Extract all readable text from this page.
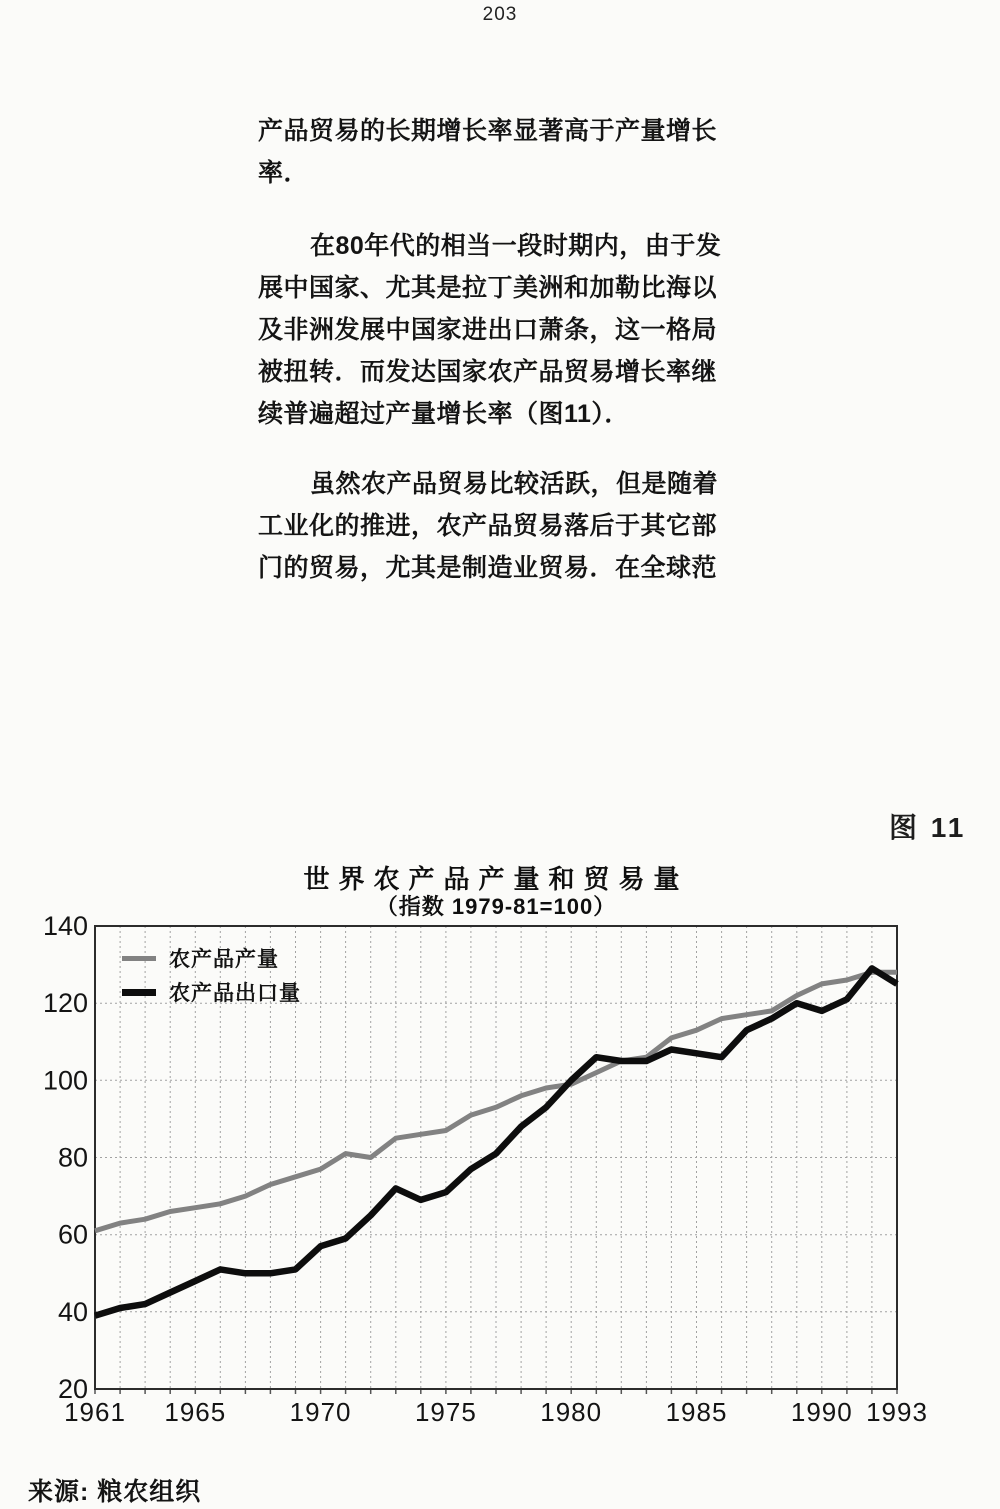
203
产品贸易的长期增长率显著高于产量增长
率．
在80年代的相当一段时期内，由于发
展中国家、尤其是拉丁美洲和加勒比海以
及非洲发展中国家进出口萧条，这一格局
被扭转．而发达国家农产品贸易增长率继
续普遍超过产量增长率（图11）．
虽然农产品贸易比较活跃，但是随着
工业化的推进，农产品贸易落后于其它部
门的贸易，尤其是制造业贸易．在全球范
图 11
世界农产品产量和贸易量
（指数 1979-81=100）
140
120
100
80
60
40
20
1961 1965 1970 1975 1980 1985 1990 1993
农产品产量
农产品出口量
来源: 粮农组织
